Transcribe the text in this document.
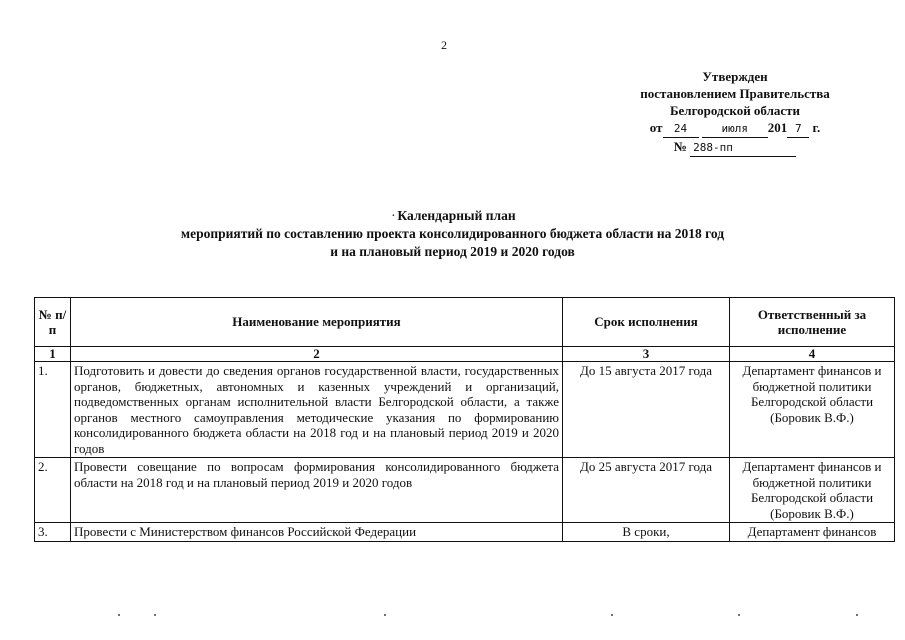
2
Утвержден
постановлением Правительства
Белгородской области
от 24	июля 201 7 г.
№ 288-пп
· Календарный план
мероприятий по составлению проекта консолидированного бюджета области на 2018 год
и на плановый период 2019 и 2020 годов
№ п/п	Наименование мероприятия	Срок исполнения	Ответственный за исполнение
1	2	3	4
1.	Подготовить и довести до сведения органов государственной власти, государственных органов, бюджетных, автономных и казенных учреждений и организаций, подведомственных органам исполнительной власти Белгородской области, а также органов местного самоуправления методические указания по формированию консолидированного бюджета области на 2018 год и на плановый период 2019 и 2020 годов	До 15 августа 2017 года	Департамент финансов и бюджетной политики Белгородской области (Боровик В.Ф.)
2.	Провести совещание по вопросам формирования консолидированного бюджета области на 2018 год и на плановый период 2019 и 2020 годов	До 25 августа 2017 года	Департамент финансов и бюджетной политики Белгородской области (Боровик В.Ф.)
3.	Провести с Министерством финансов Российской Федерации	В сроки,	Департамент финансов
